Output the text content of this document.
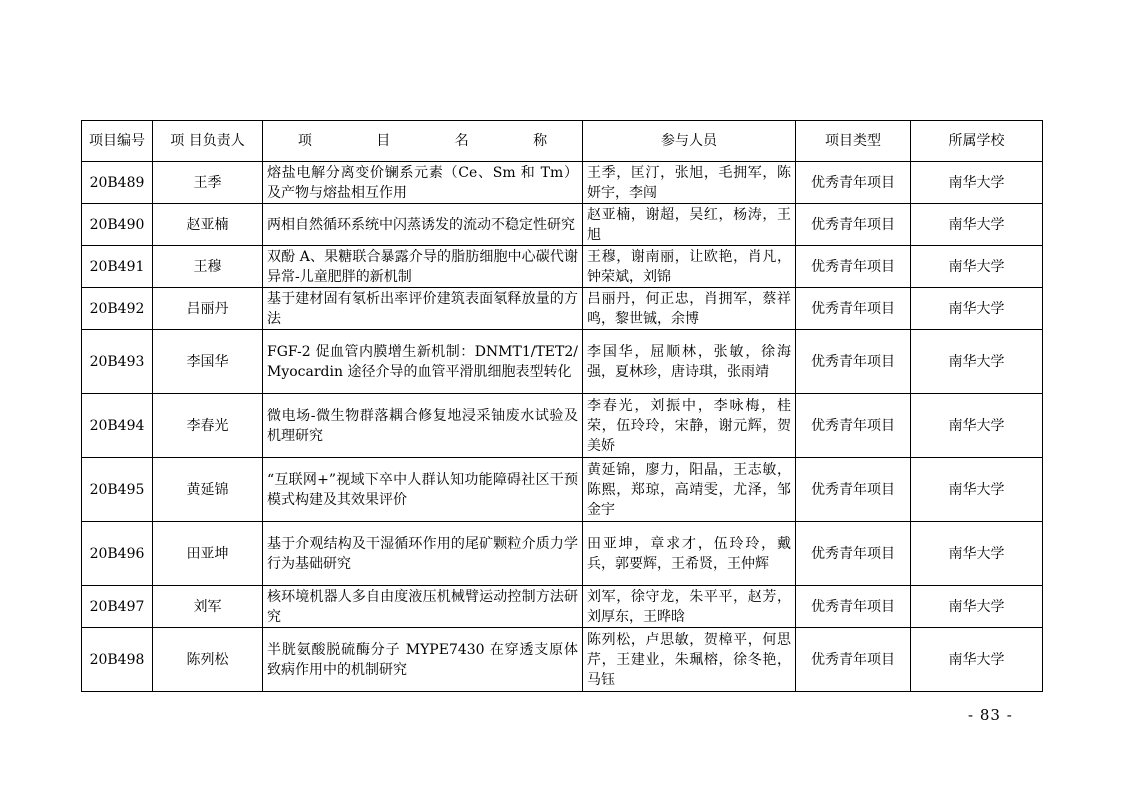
项目编号	项 目负责人	项 目 名 称	参与人员	项目类型	所属学校
20B489	王季	熔盐电解分离变价镧系元素（Ce、Sm 和 Tm）及产物与熔盐相互作用	王季，匡汀，张旭，毛拥军，陈妍宇，李闯	优秀青年项目	南华大学
20B490	赵亚楠	两相自然循环系统中闪蒸诱发的流动不稳定性研究	赵亚楠，谢超，吴红，杨涛，王旭	优秀青年项目	南华大学
20B491	王穆	双酚 A、果糖联合暴露介导的脂肪细胞中心碳代谢异常-儿童肥胖的新机制	王穆，谢南丽，让欧艳，肖凡，钟荣斌，刘锦	优秀青年项目	南华大学
20B492	吕丽丹	基于建材固有氡析出率评价建筑表面氡释放量的方法	吕丽丹，何正忠，肖拥军，蔡祥鸣，黎世铖，余博	优秀青年项目	南华大学
20B493	李国华	FGF-2 促血管内膜增生新机制：DNMT1/TET2/Myocardin 途径介导的血管平滑肌细胞表型转化	李国华，屈顺林，张敏，徐海强，夏林珍，唐诗琪，张雨靖	优秀青年项目	南华大学
20B494	李春光	微电场-微生物群落耦合修复地浸采铀废水试验及机理研究	李春光，刘振中，李咏梅，桂荣，伍玲玲，宋静，谢元辉，贺美娇	优秀青年项目	南华大学
20B495	黄延锦	“互联网+”视域下卒中人群认知功能障碍社区干预模式构建及其效果评价	黄延锦，廖力，阳晶，王志敏，陈熙，郑琼，高靖雯，尤泽，邹金宇	优秀青年项目	南华大学
20B496	田亚坤	基于介观结构及干湿循环作用的尾矿颗粒介质力学行为基础研究	田亚坤，章求才，伍玲玲，戴兵，郭要辉，王希贤，王仲辉	优秀青年项目	南华大学
20B497	刘军	核环境机器人多自由度液压机械臂运动控制方法研究	刘军，徐守龙，朱平平，赵芳，刘厚东，王晔晗	优秀青年项目	南华大学
20B498	陈列松	半胱氨酸脱硫酶分子 MYPE7430 在穿透支原体致病作用中的机制研究	陈列松，卢思敏，贺樟平，何思芹，王建业，朱珮榕，徐冬艳，马钰	优秀青年项目	南华大学
- 83 -
